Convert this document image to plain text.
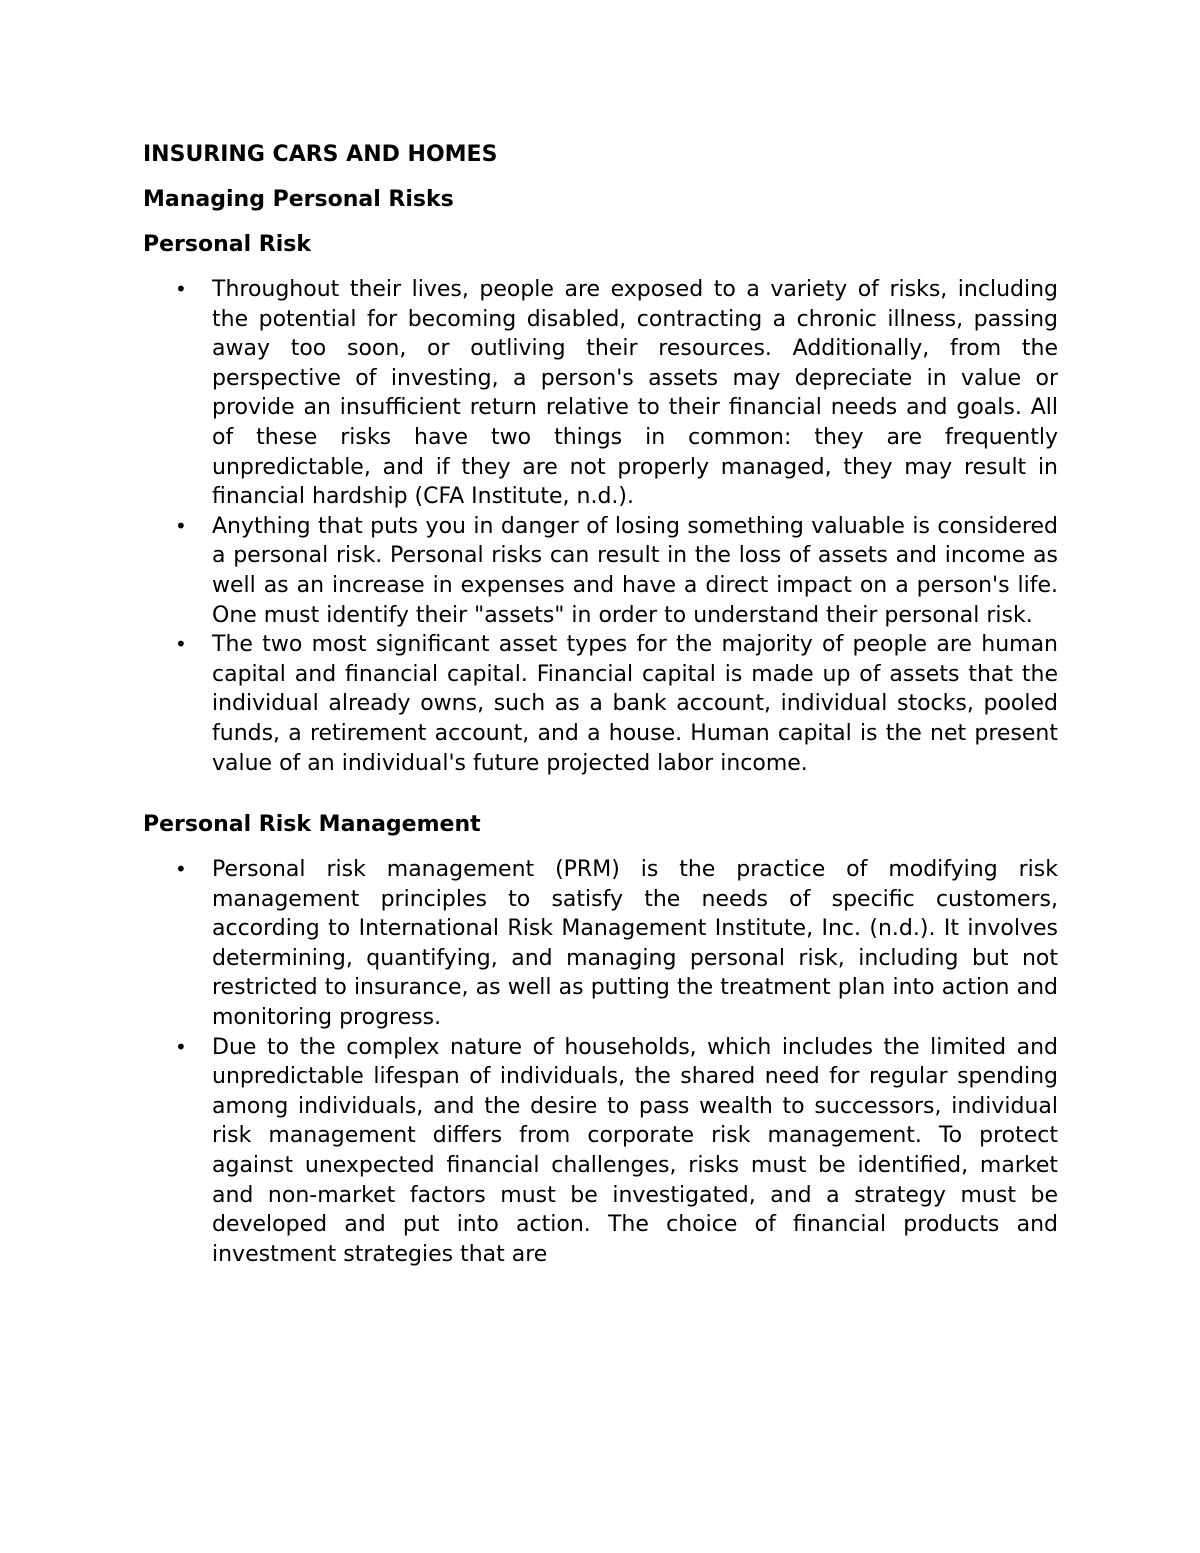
INSURING CARS AND HOMES

Managing Personal Risks

Personal Risk

• Throughout their lives, people are exposed to a variety of risks, including the potential for becoming disabled, contracting a chronic illness, passing away too soon, or outliving their resources. Additionally, from the perspective of investing, a person's assets may depreciate in value or provide an insufficient return relative to their financial needs and goals. All of these risks have two things in common: they are frequently unpredictable, and if they are not properly managed, they may result in financial hardship (CFA Institute, n.d.).
• Anything that puts you in danger of losing something valuable is considered a personal risk. Personal risks can result in the loss of assets and income as well as an increase in expenses and have a direct impact on a person's life. One must identify their "assets" in order to understand their personal risk.
• The two most significant asset types for the majority of people are human capital and financial capital. Financial capital is made up of assets that the individual already owns, such as a bank account, individual stocks, pooled funds, a retirement account, and a house. Human capital is the net present value of an individual's future projected labor income.

Personal Risk Management

• Personal risk management (PRM) is the practice of modifying risk management principles to satisfy the needs of specific customers, according to International Risk Management Institute, Inc. (n.d.). It involves determining, quantifying, and managing personal risk, including but not restricted to insurance, as well as putting the treatment plan into action and monitoring progress.
• Due to the complex nature of households, which includes the limited and unpredictable lifespan of individuals, the shared need for regular spending among individuals, and the desire to pass wealth to successors, individual risk management differs from corporate risk management. To protect against unexpected financial challenges, risks must be identified, market and non-market factors must be investigated, and a strategy must be developed and put into action. The choice of financial products and investment strategies that are
